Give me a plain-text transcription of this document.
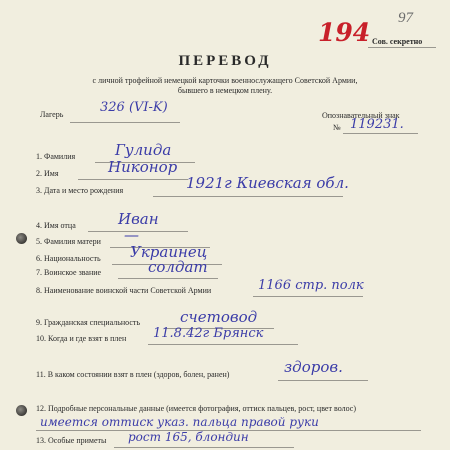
194 97
Сов. секретно
ПЕРЕВОД
с личной трофейной немецкой карточки военнослужащего Советской Армии,
бывшего в немецком плену.
Лагерь	326 (VI-K)
Опознавательный знак
№ 119231.
1. Фамилия	Гулида
2. Имя	Никонор
3. Дата и место рождения	1921г Киевская обл.
4. Имя отца	Иван
5. Фамилия матери —
6. Национальность Украинец
7. Воинское звание	солдат
8. Наименование воинской части Советской Армии	1166 стр. полк
9. Гражданская специальность	счетовод
10. Когда и где взят в плен 11.8.42г Брянск
11. В каком состоянии взят в плен (здоров, болен, ранен)	здоров.
12. Подробные персональные данные (имеется фотография, оттиск пальцев, рост, цвет волос)
имеется оттиск указ. пальца правой руки
13. Особые приметы рост 165, блондин
